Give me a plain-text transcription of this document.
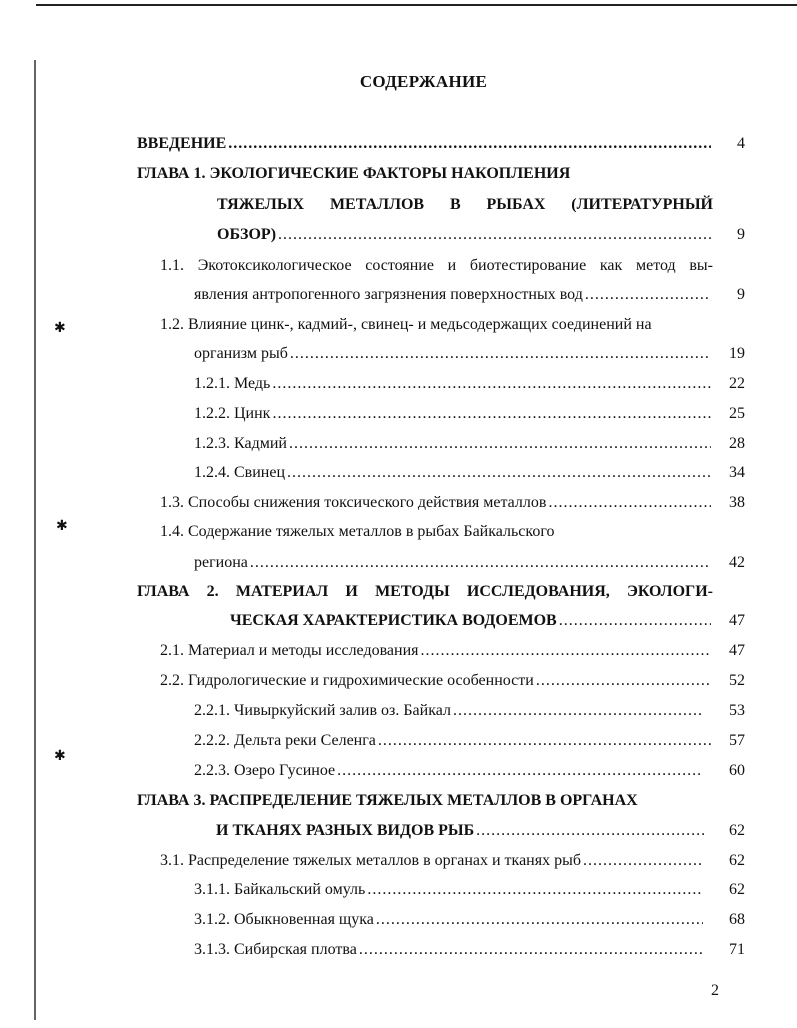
✱
✱
✱
СОДЕРЖАНИЕ
ВВЕДЕНИЕ .....	4
ГЛАВА 1. ЭКОЛОГИЧЕСКИЕ ФАКТОРЫ НАКОПЛЕНИЯ
ТЯЖЕЛЫХ МЕТАЛЛОВ В РЫБАХ (ЛИТЕРАТУРНЫЙ
ОБЗОР) .....	9
1.1. Экотоксикологическое состояние и биотестирование как метод вы-
явления антропогенного загрязнения поверхностных вод .....	9
1.2. Влияние цинк-, кадмий-, свинец- и медьсодержащих соединений на
организм рыб .....	19
1.2.1. Медь .....	22
1.2.2. Цинк .....	25
1.2.3. Кадмий .....	28
1.2.4. Свинец .....	34
1.3. Способы снижения токсического действия металлов .....	38
1.4. Содержание тяжелых металлов в рыбах Байкальского
региона .....	42
ГЛАВА 2. МАТЕРИАЛ И МЕТОДЫ ИССЛЕДОВАНИЯ, ЭКОЛОГИ-
ЧЕСКАЯ ХАРАКТЕРИСТИКА ВОДОЕМОВ .....	47
2.1. Материал и методы исследования .....	47
2.2. Гидрологические и гидрохимические особенности .....	52
2.2.1. Чивыркуйский залив оз. Байкал .....	53
2.2.2. Дельта реки Селенга .....	57
2.2.3. Озеро Гусиное .....	60
ГЛАВА 3. РАСПРЕДЕЛЕНИЕ ТЯЖЕЛЫХ МЕТАЛЛОВ В ОРГАНАХ
И ТКАНЯХ РАЗНЫХ ВИДОВ РЫБ .....	62
3.1. Распределение тяжелых металлов в органах и тканях рыб .....	62
3.1.1. Байкальский омуль .....	62
3.1.2. Обыкновенная щука .....	68
3.1.3. Сибирская плотва .....	71
2
